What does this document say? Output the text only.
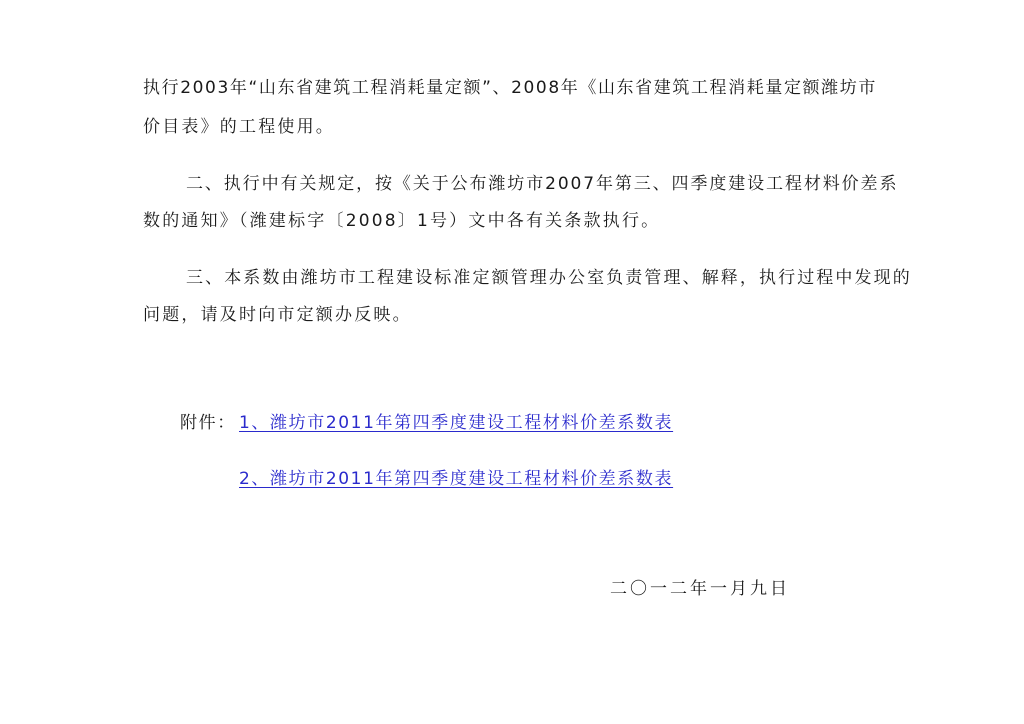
执行2003年“山东省建筑工程消耗量定额”、2008年《山东省建筑工程消耗量定额潍坊市
价目表》的工程使用。
二、执行中有关规定，按《关于公布潍坊市2007年第三、四季度建设工程材料价差系
数的通知》（潍建标字〔2008〕1号）文中各有关条款执行。
三、本系数由潍坊市工程建设标准定额管理办公室负责管理、解释，执行过程中发现的
问题，请及时向市定额办反映。
附件： 1、潍坊市2011年第四季度建设工程材料价差系数表
2、潍坊市2011年第四季度建设工程材料价差系数表
二〇一二年一月九日
